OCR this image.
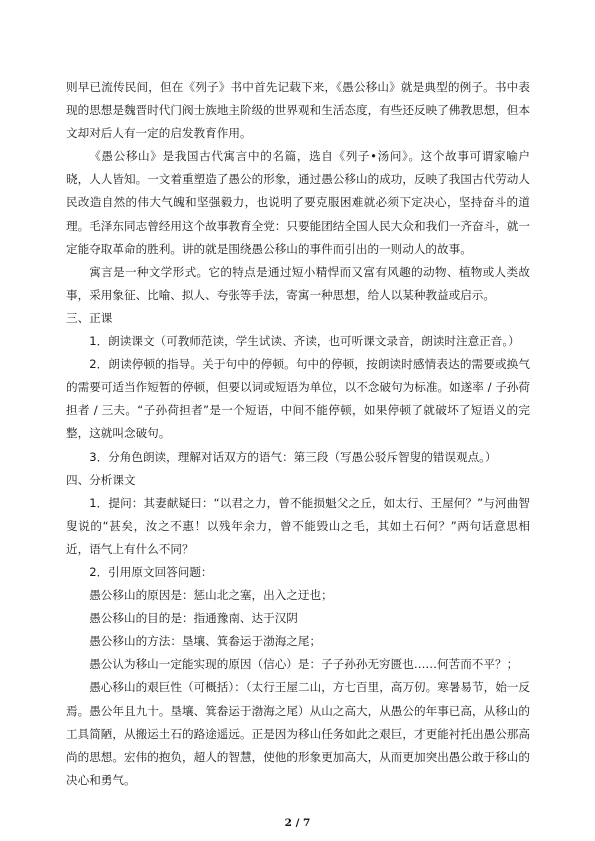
则早已流传民间，但在《列子》书中首先记载下来，《愚公移山》就是典型的例子。书中表现的思想是魏晋时代门阀士族地主阶级的世界观和生活态度，有些还反映了佛教思想，但本文却对后人有一定的启发教育作用。

《愚公移山》是我国古代寓言中的名篇，选自《列子•汤问》。这个故事可谓家喻户晓，人人皆知。一文着重塑造了愚公的形象，通过愚公移山的成功，反映了我国古代劳动人民改造自然的伟大气魄和坚强毅力，也说明了要克服困难就必须下定决心，坚持奋斗的道理。毛泽东同志曾经用这个故事教育全党：只要能团结全国人民大众和我们一齐奋斗，就一定能夺取革命的胜利。讲的就是围绕愚公移山的事件而引出的一则动人的故事。

寓言是一种文学形式。它的特点是通过短小精悍而又富有风趣的动物、植物或人类故事，采用象征、比喻、拟人、夸张等手法，寄寓一种思想，给人以某种教益或启示。

三、正课

1．朗读课文（可教师范读，学生试读、齐读，也可听课文录音，朗读时注意正音。）

2．朗读停顿的指导。关于句中的停顿。句中的停顿，按朗读时感情表达的需要或换气的需要可适当作短暂的停顿，但要以词或短语为单位，以不念破句为标准。如遂率 / 子孙荷担者 / 三夫。“子孙荷担者”是一个短语，中间不能停顿，如果停顿了就破坏了短语义的完整，这就叫念破句。

3．分角色朗读，理解对话双方的语气：第三段（写愚公驳斥智叟的错误观点。）

四、分析课文

1．提问：其妻献疑曰：“以君之力，曾不能损魁父之丘，如太行、王屋何？”与河曲智叟说的“甚矣，汝之不惠！以残年余力，曾不能毁山之毛，其如土石何？”两句话意思相近，语气上有什么不同？

2．引用原文回答问题：

愚公移山的原因是：惩山北之塞，出入之迂也；

愚公移山的目的是：指通豫南、达于汉阴

愚公移山的方法：垦壤、箕畚运于渤海之尾；

愚公认为移山一定能实现的原因（信心）是：子子孙孙无穷匮也……何苦而不平？；

愚心移山的艰巨性（可概括）：（太行王屋二山，方七百里，高万仞。寒暑易节，始一反焉。愚公年且九十。垦壤、箕畚运于渤海之尾）从山之高大，从愚公的年事已高，从移山的工具简陋，从搬运土石的路途遥远。正是因为移山任务如此之艰巨，才更能衬托出愚公那高尚的思想。宏伟的抱负，超人的智慧，使他的形象更加高大，从而更加突出愚公敢于移山的决心和勇气。

2 / 7
